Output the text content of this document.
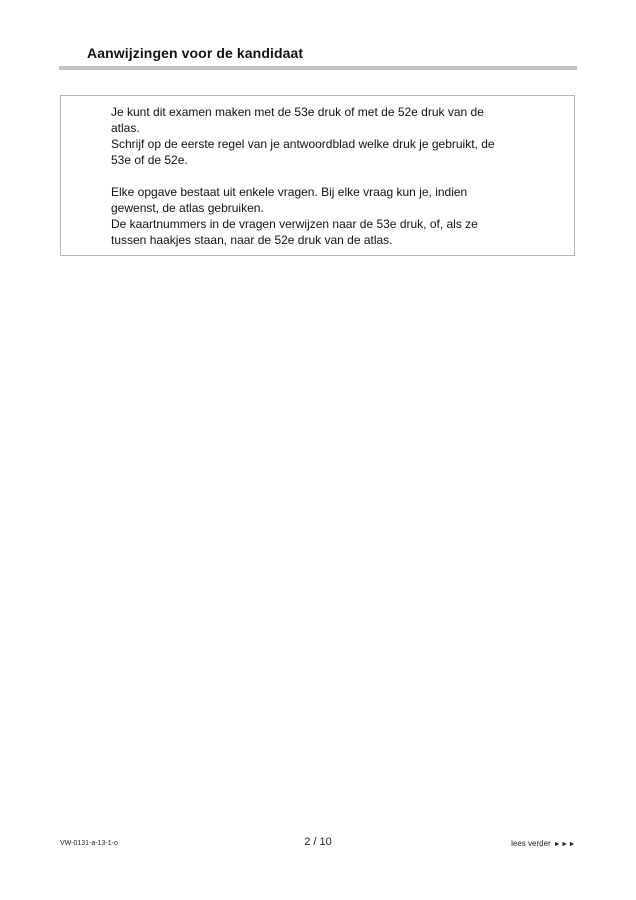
Aanwijzingen voor de kandidaat

Je kunt dit examen maken met de 53e druk of met de 52e druk van de
atlas.

Schrijf op de eerste regel van je antwoordblad welke druk je gebruikt, de
53e of de 52e.

Elke opgave bestaat uit enkele vragen. Bij elke vraag kun je, indien
gewenst, de atlas gebruiken.

De kaartnummers in de vragen verwijzen naar de 53e druk, of, als ze
tussen haakjes staan, naar de 52e druk van de atlas.

VW-0131-a-13-1-o	2 / 10	lees verder ►►►
